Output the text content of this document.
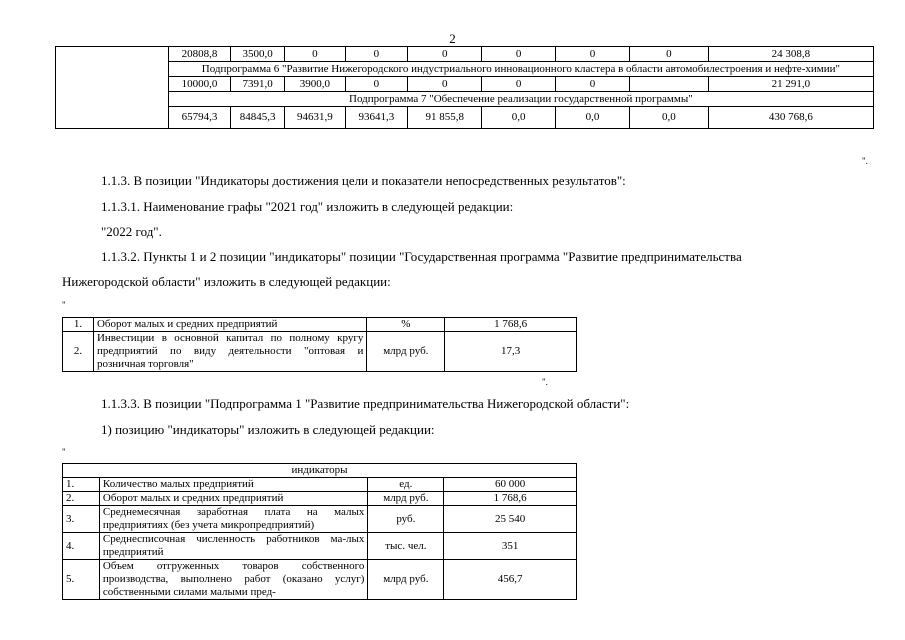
2
	20808,8	3500,0	0	0	0	0	0	0	24 308,8
	Подпрограмма 6 "Развитие Нижегородского индустриального инновационного кластера в области автомобилестроения и нефте-химии"								
	10000,0	7391,0	3900,0	0	0	0	0		21 291,0
	Подпрограмма 7 "Обеспечение реализации государственной программы"								
	65794,3	84845,3	94631,9	93641,3	91 855,8	0,0	0,0	0,0	430 768,6
".
1.1.3. В позиции "Индикаторы достижения цели и показатели непосредственных результатов":
1.1.3.1. Наименование графы "2021 год" изложить в следующей редакции:
"2022 год".
1.1.3.2. Пункты 1 и 2 позиции "индикаторы" позиции "Государственная программа "Развитие предпринимательства
Нижегородской области" изложить в следующей редакции:
"
1.	Оборот малых и средних предприятий	%	1 768,6
2.	Инвестиции в основной капитал по полному кругу предприятий по виду деятельности "оптовая и розничная торговля"	млрд руб.	17,3
".
1.1.3.3. В позиции "Подпрограмма 1 "Развитие предпринимательства Нижегородской области":
1) позицию "индикаторы" изложить в следующей редакции:
"
индикаторы			
1.	Количество малых предприятий	ед.	60 000
2.	Оборот малых и средних предприятий	млрд руб.	1 768,6
3.	Среднемесячная заработная плата на малых предприятиях (без учета микропредприятий)	руб.	25 540
4.	Среднесписочная численность работников ма-лых предприятий	тыс. чел.	351
5.	Объем отгруженных товаров собственного производства, выполнено работ (оказано услуг) собственными силами малыми пред-	млрд руб.	456,7
